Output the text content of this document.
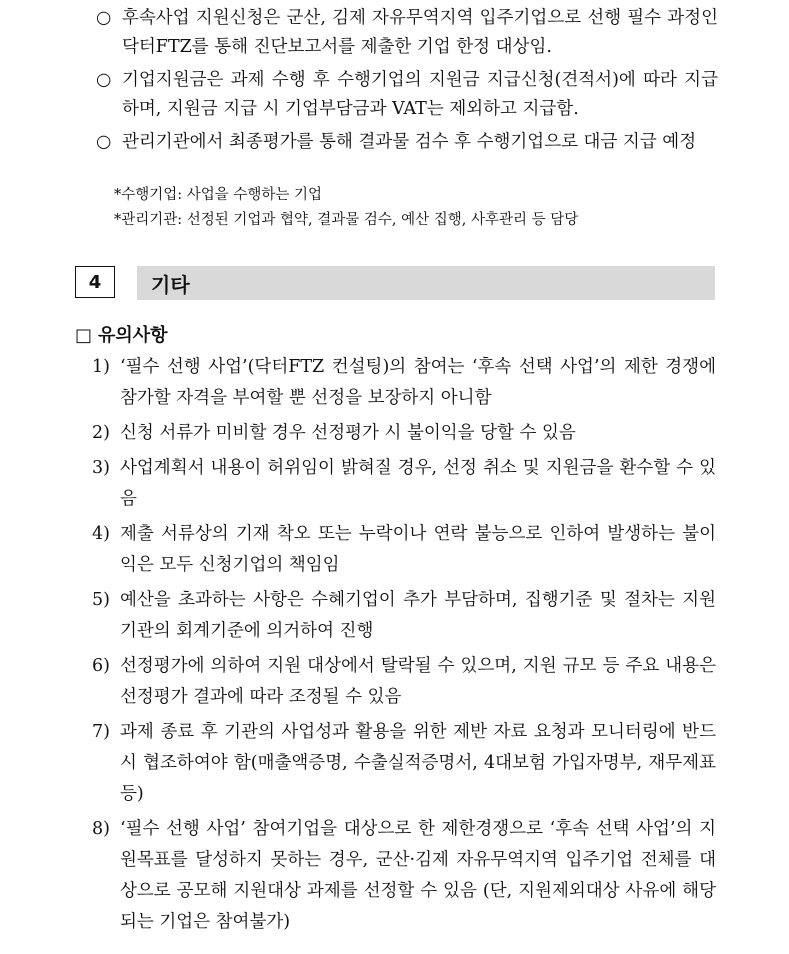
○ 후속사업 지원신청은 군산, 김제 자유무역지역 입주기업으로 선행 필수 과정인 닥터FTZ를 통해 진단보고서를 제출한 기업 한정 대상임.
○ 기업지원금은 과제 수행 후 수행기업의 지원금 지급신청(견적서)에 따라 지급하며, 지원금 지급 시 기업부담금과 VAT는 제외하고 지급함.
○ 관리기관에서 최종평가를 통해 결과물 검수 후 수행기업으로 대금 지급 예정
*수행기업: 사업을 수행하는 기업
*관리기관: 선정된 기업과 협약, 결과물 검수, 예산 집행, 사후관리 등 담당
4	기타
□ 유의사항
1) ‘필수 선행 사업’(닥터FTZ 컨설팅)의 참여는 ‘후속 선택 사업’의 제한 경쟁에 참가할 자격을 부여할 뿐 선정을 보장하지 아니함
2) 신청 서류가 미비할 경우 선정평가 시 불이익을 당할 수 있음
3) 사업계획서 내용이 허위임이 밝혀질 경우, 선정 취소 및 지원금을 환수할 수 있음
4) 제출 서류상의 기재 착오 또는 누락이나 연락 불능으로 인하여 발생하는 불이익은 모두 신청기업의 책임임
5) 예산을 초과하는 사항은 수혜기업이 추가 부담하며, 집행기준 및 절차는 지원기관의 회계기준에 의거하여 진행
6) 선정평가에 의하여 지원 대상에서 탈락될 수 있으며, 지원 규모 등 주요 내용은 선정평가 결과에 따라 조정될 수 있음
7) 과제 종료 후 기관의 사업성과 활용을 위한 제반 자료 요청과 모니터링에 반드시 협조하여야 함(매출액증명, 수출실적증명서, 4대보험 가입자명부, 재무제표 등)
8) ‘필수 선행 사업’ 참여기업을 대상으로 한 제한경쟁으로 ‘후속 선택 사업’의 지원목표를 달성하지 못하는 경우, 군산·김제 자유무역지역 입주기업 전체를 대상으로 공모해 지원대상 과제를 선정할 수 있음 (단, 지원제외대상 사유에 해당되는 기업은 참여불가)
